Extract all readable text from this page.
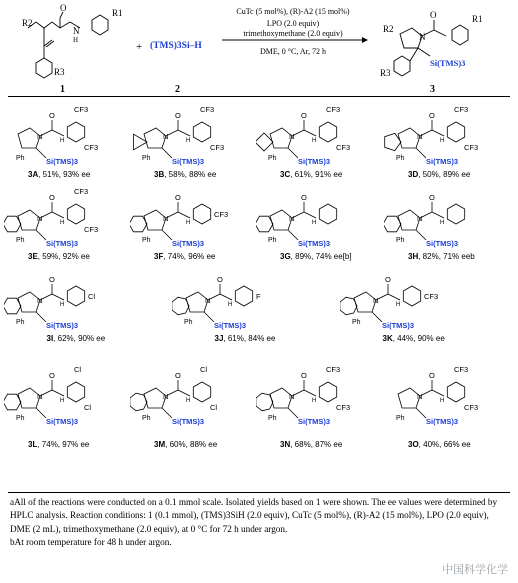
R2
N
H
O	R1
R3
1
+ (TMS)3Si–H
2
CuTc (5 mol%), (R)-A2 (15 mol%)
LPO (2.0 equiv)
trimethoxymethane (2.0 equiv)
DME, 0 °C, Ar, 72 h
R2
N
O	R1
Si(TMS)3
R3
3
N
O
H
CF3
CF3
Ph	Si(TMS)3
3A, 51%, 93% ee
N
O
H
CF3
CF3
Ph	Si(TMS)3
3B, 58%, 88% ee
N
O
H
CF3
CF3
Ph	Si(TMS)3
3C, 61%, 91% ee
N
O
H
CF3
CF3
Ph	Si(TMS)3
3D, 50%, 89% ee
N
O
H
CF3
CF3
Ph	Si(TMS)3
3E, 59%, 92% ee
N
O
H
CF3
Ph	Si(TMS)3
3F, 74%, 96% ee
N
O
H
Ph	Si(TMS)3
3G, 89%, 74% ee[b]
N
O
H
Ph	Si(TMS)3
3H, 82%, 71% eeb
N
O
H
Cl
Ph	Si(TMS)3
3I, 62%, 90% ee
N
O
H
F
Ph	Si(TMS)3
3J, 61%, 84% ee
N
O
H
CF3
Ph	Si(TMS)3
3K, 44%, 90% ee
N
O
H
Cl
Cl
Ph	Si(TMS)3
3L, 74%, 97% ee
N
O
H
Cl
Cl
Ph	Si(TMS)3
3M, 60%, 88% ee
N
O
H
CF3
CF3
Ph	Si(TMS)3
3N, 68%, 87% ee
N
O
H
CF3
CF3
Ph	Si(TMS)3
3O, 40%, 66% ee

aAll of the reactions were conducted on a 0.1 mmol scale. Isolated yields based on 1 were shown. The ee values were determined by HPLC analysis. Reaction conditions: 1 (0.1 mmol), (TMS)3SiH (2.0 equiv), CuTc (5 mol%), (R)-A2 (15 mol%), LPO (2.0 equiv), DME (2 mL), trimethoxymethane (2.0 equiv), at 0 °C for 72 h under argon.

bAt room temperature for 48 h under argon.

中国科学化学
